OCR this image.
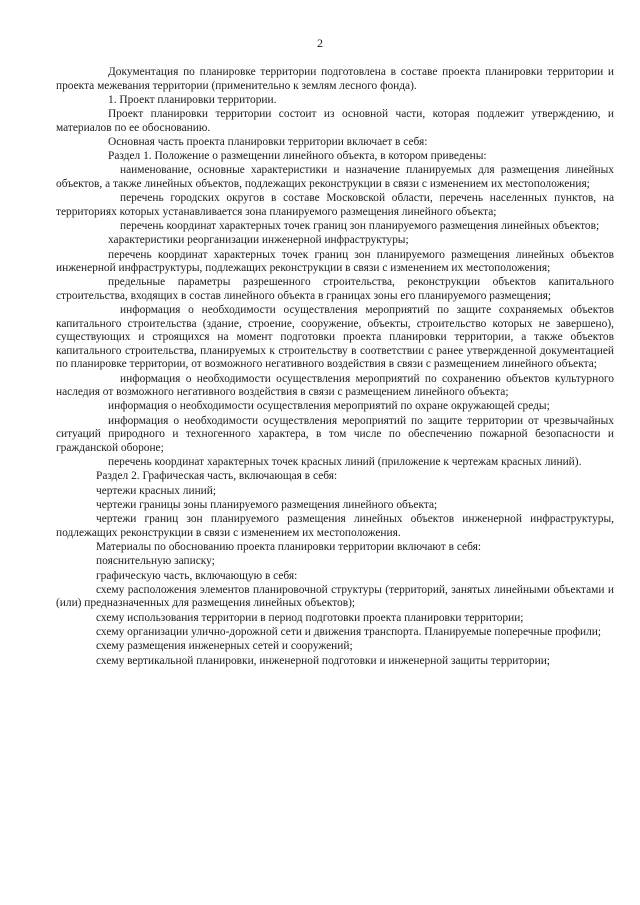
2

Документация по планировке территории подготовлена в составе проекта планировки территории и проекта межевания территории (применительно к землям лесного фонда).

1. Проект планировки территории.

Проект планировки территории состоит из основной части, которая подлежит утверждению, и материалов по ее обоснованию.

Основная часть проекта планировки территории включает в себя:

Раздел 1. Положение о размещении линейного объекта, в котором приведены:

наименование, основные характеристики и назначение планируемых для размещения линейных объектов, а также линейных объектов, подлежащих реконструкции в связи с изменением их местоположения;

перечень городских округов в составе Московской области, перечень населенных пунктов, на территориях которых устанавливается зона планируемого размещения линейного объекта;

перечень координат характерных точек границ зон планируемого размещения линейных объектов;

характеристики реорганизации инженерной инфраструктуры;

перечень координат характерных точек границ зон планируемого размещения линейных объектов инженерной инфраструктуры, подлежащих реконструкции в связи с изменением их местоположения;

предельные параметры разрешенного строительства, реконструкции объектов капитального строительства, входящих в состав линейного объекта в границах зоны его планируемого размещения;

информация о необходимости осуществления мероприятий по защите сохраняемых объектов капитального строительства (здание, строение, сооружение, объекты, строительство которых не завершено), существующих и строящихся на момент подготовки проекта планировки территории, а также объектов капитального строительства, планируемых к строительству в соответствии с ранее утвержденной документацией по планировке территории, от возможного негативного воздействия в связи с размещением линейного объекта;

информация о необходимости осуществления мероприятий по сохранению объектов культурного наследия от возможного негативного воздействия в связи с размещением линейного объекта;

информация о необходимости осуществления мероприятий по охране окружающей среды;

информация о необходимости осуществления мероприятий по защите территории от чрезвычайных ситуаций природного и техногенного характера, в том числе по обеспечению пожарной безопасности и гражданской обороне;

перечень координат характерных точек красных линий (приложение к чертежам красных линий).

Раздел 2. Графическая часть, включающая в себя:

чертежи красных линий;

чертежи границы зоны планируемого размещения линейного объекта;

чертежи границ зон планируемого размещения линейных объектов инженерной инфраструктуры, подлежащих реконструкции в связи с изменением их местоположения.

Материалы по обоснованию проекта планировки территории включают в себя:

пояснительную записку;

графическую часть, включающую в себя:

схему расположения элементов планировочной структуры (территорий, занятых линейными объектами и (или) предназначенных для размещения линейных объектов);

схему использования территории в период подготовки проекта планировки территории;

схему организации улично-дорожной сети и движения транспорта. Планируемые поперечные профили;

схему размещения инженерных сетей и сооружений;

схему вертикальной планировки, инженерной подготовки и инженерной защиты территории;
